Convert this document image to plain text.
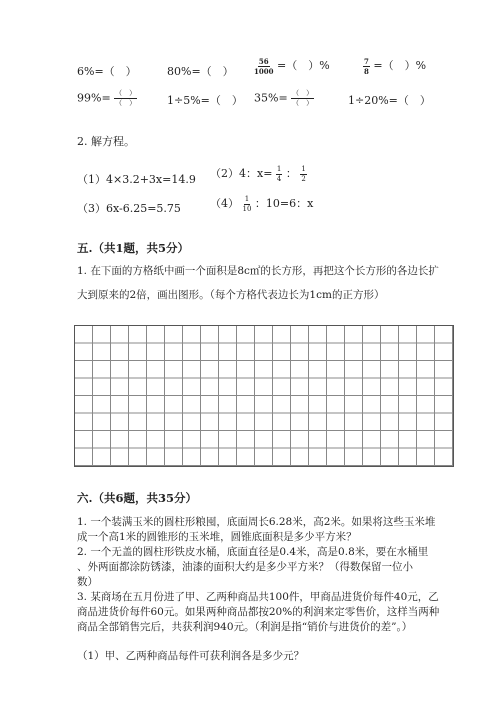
6%=（　）	80%=（　）	$\frac{56}{1000}$ =（　）%	$\frac{7}{8}$ =（　）%
$99\%= \frac{( )}{( )}$	1÷5%=（　） $35\%= \frac{( )}{( )}$	1÷20%=（　）
2. 解方程。
（1）4×3.2+3x=14.9 （2）4：$x= \frac{1}{4}$ ： $\frac{1}{2}$
（3）6x-6.25=5.75	$(4) \frac{1}{10}$ ：10=6：x
五.（共1题，共5分）
1. 在下面的方格纸中画一个面积是8c㎡的长方形，再把这个长方形的各边长扩
大到原来的2倍，画出图形。（每个方格代表边长为1cm的正方形）
六.（共6题，共35分）
1. 一个装满玉米的圆柱形粮囤，底面周长6.28米，高2米。如果将这些玉米堆
成一个高1米的圆锥形的玉米堆，圆锥底面积是多少平方米？
2. 一个无盖的圆柱形铁皮水桶，底面直径是0.4米，高是0.8米，要在水桶里
、外两面都涂防锈漆，油漆的面积大约是多少平方米？（得数保留一位小
数）
3. 某商场在五月份进了甲、乙两种商品共100件，甲商品进货价每件40元，乙
商品进货价每件60元。如果两种商品都按20%的利润来定零售价，这样当两种
商品全部销售完后，共获利润940元。（利润是指“销价与进货价的差”。）
（1）甲、乙两种商品每件可获利润各是多少元？
